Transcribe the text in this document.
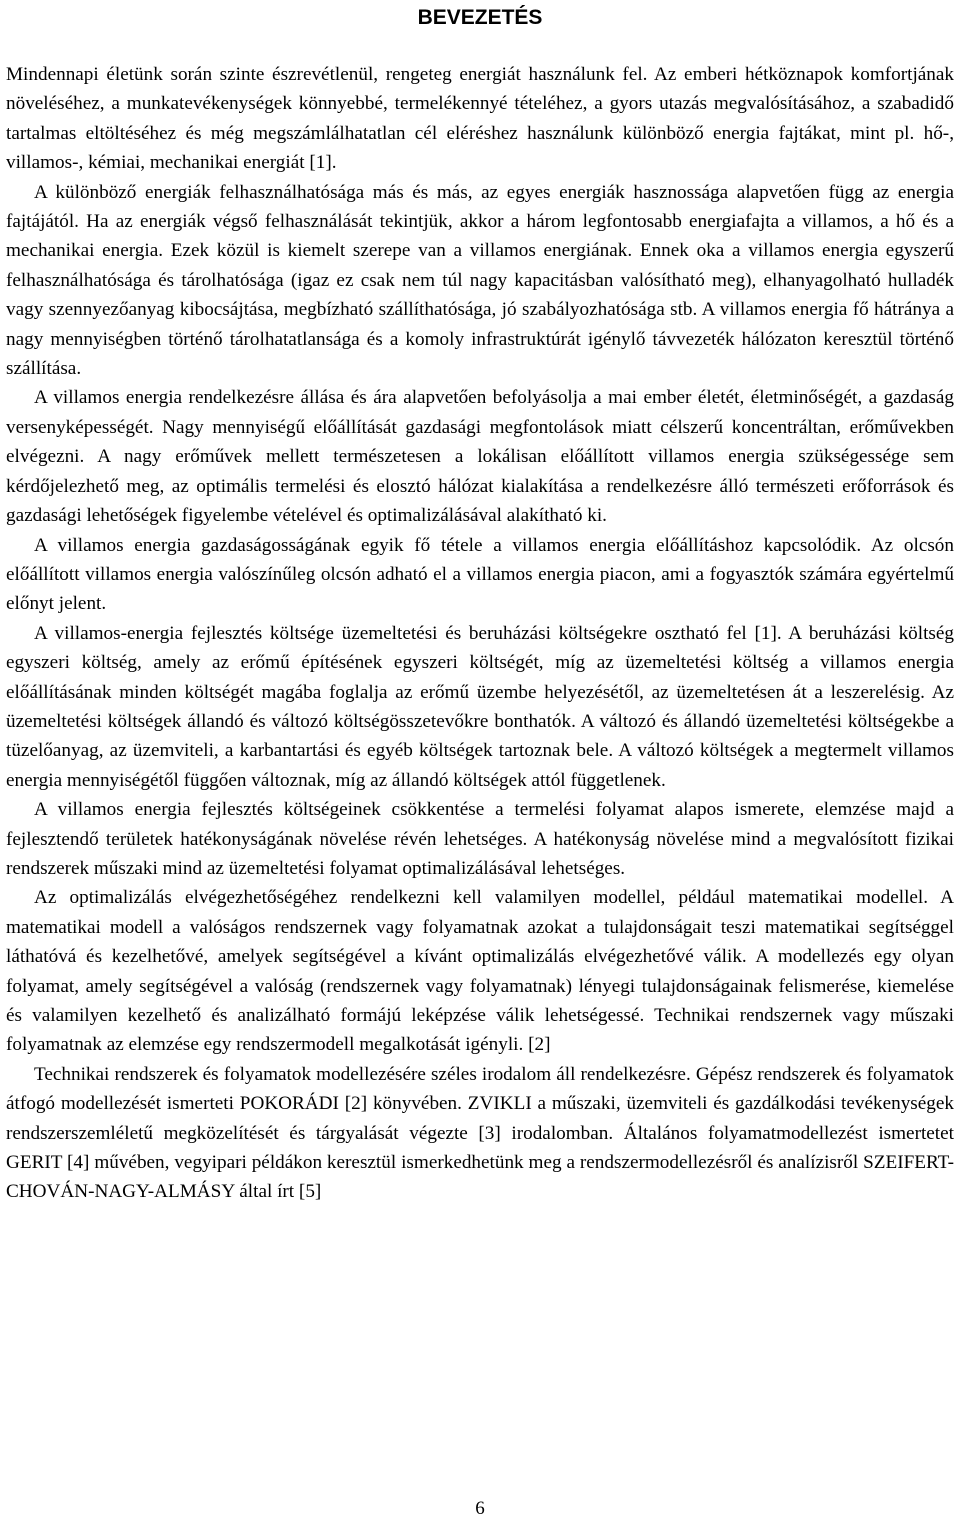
BEVEZETÉS

Mindennapi életünk során szinte észrevétlenül, rengeteg energiát használunk fel. Az emberi hétköznapok komfortjának növeléséhez, a munkatevékenységek könnyebbé, termelékennyé tételéhez, a gyors utazás megvalósításához, a szabadidő tartalmas eltöltéséhez és még megszámlálhatatlan cél eléréshez használunk különböző energia fajtákat, mint pl. hő-, villamos-, kémiai, mechanikai energiát [1].

A különböző energiák felhasználhatósága más és más, az egyes energiák hasznossága alapvetően függ az energia fajtájától. Ha az energiák végső felhasználását tekintjük, akkor a három legfontosabb energiafajta a villamos, a hő és a mechanikai energia. Ezek közül is kiemelt szerepe van a villamos energiának. Ennek oka a villamos energia egyszerű felhasználhatósága és tárolhatósága (igaz ez csak nem túl nagy kapacitásban valósítható meg), elhanyagolható hulladék vagy szennyezőanyag kibocsájtása, megbízható szállíthatósága, jó szabályozhatósága stb. A villamos energia fő hátránya a nagy mennyiségben történő tárolhatatlansága és a komoly infrastruktúrát igénylő távvezeték hálózaton keresztül történő szállítása.

A villamos energia rendelkezésre állása és ára alapvetően befolyásolja a mai ember életét, életminőségét, a gazdaság versenyképességét. Nagy mennyiségű előállítását gazdasági megfontolások miatt célszerű koncentráltan, erőművekben elvégezni. A nagy erőművek mellett természetesen a lokálisan előállított villamos energia szükségessége sem kérdőjelezhető meg, az optimális termelési és elosztó hálózat kialakítása a rendelkezésre álló természeti erőforrások és gazdasági lehetőségek figyelembe vételével és optimalizálásával alakítható ki.

A villamos energia gazdaságosságának egyik fő tétele a villamos energia előállításhoz kapcsolódik. Az olcsón előállított villamos energia valószínűleg olcsón adható el a villamos energia piacon, ami a fogyasztók számára egyértelmű előnyt jelent.

A villamos-energia fejlesztés költsége üzemeltetési és beruházási költségekre osztható fel [1]. A beruházási költség egyszeri költség, amely az erőmű építésének egyszeri költségét, míg az üzemeltetési költség a villamos energia előállításának minden költségét magába foglalja az erőmű üzembe helyezésétől, az üzemeltetésen át a leszerelésig. Az üzemeltetési költségek állandó és változó költségösszetevőkre bonthatók. A változó és állandó üzemeltetési költségekbe a tüzelőanyag, az üzemviteli, a karbantartási és egyéb költségek tartoznak bele. A változó költségek a megtermelt villamos energia mennyiségétől függően változnak, míg az állandó költségek attól függetlenek.

A villamos energia fejlesztés költségeinek csökkentése a termelési folyamat alapos ismerete, elemzése majd a fejlesztendő területek hatékonyságának növelése révén lehetséges. A hatékonyság növelése mind a megvalósított fizikai rendszerek műszaki mind az üzemeltetési folyamat optimalizálásával lehetséges.

Az optimalizálás elvégezhetőségéhez rendelkezni kell valamilyen modellel, például matematikai modellel. A matematikai modell a valóságos rendszernek vagy folyamatnak azokat a tulajdonságait teszi matematikai segítséggel láthatóvá és kezelhetővé, amelyek segítségével a kívánt optimalizálás elvégezhetővé válik. A modellezés egy olyan folyamat, amely segítségével a valóság (rendszernek vagy folyamatnak) lényegi tulajdonságainak felismerése, kiemelése és valamilyen kezelhető és analizálható formájú leképzése válik lehetségessé. Technikai rendszernek vagy műszaki folyamatnak az elemzése egy rendszermodell megalkotását igényli. [2]

Technikai rendszerek és folyamatok modellezésére széles irodalom áll rendelkezésre. Gépész rendszerek és folyamatok átfogó modellezését ismerteti POKORÁDI [2] könyvében. ZVIKLI a műszaki, üzemviteli és gazdálkodási tevékenységek rendszerszemléletű megközelítését és tárgyalását végezte [3] irodalomban. Általános folyamatmodellezést ismertetet GERIT [4] művében, vegyipari példákon keresztül ismerkedhetünk meg a rendszermodellezésről és analízisről SZEIFERT-CHOVÁN-NAGY-ALMÁSY által írt [5]

6
